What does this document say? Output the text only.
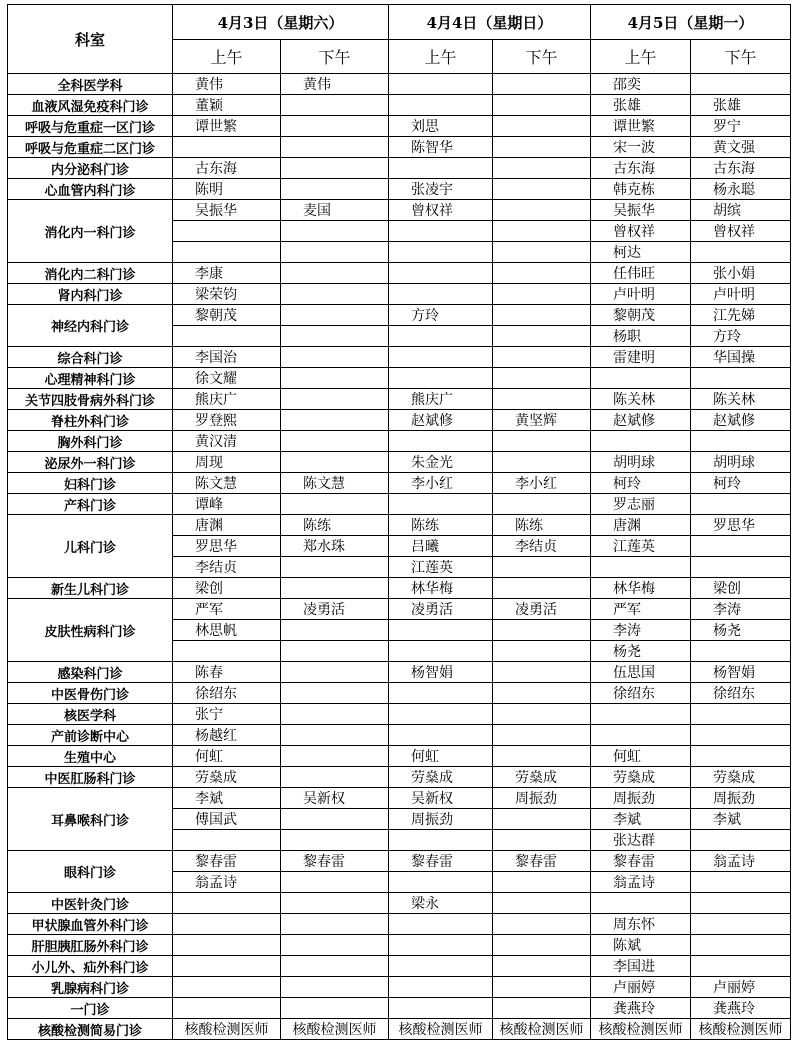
科室	4月3日（星期六）		4月4日（星期日）		4月5日（星期一）	
	上午	下午	上午	下午	上午	下午
全科医学科	黄伟	黄伟			邵奕	
血液风湿免疫科门诊	董颖				张雄	张雄
呼吸与危重症一区门诊	谭世繁		刘思		谭世繁	罗宁
呼吸与危重症二区门诊			陈智华		宋一波	黄文强
内分泌科门诊	古东海				古东海	古东海
心血管内科门诊	陈明		张凌宇		韩克栋	杨永聪
消化内一科门诊	吴振华	麦国	曾权祥		吴振华	胡缤
					曾权祥	曾权祥
					柯达	
消化内二科门诊	李康				任伟旺	张小娟
肾内科门诊	梁荣钧				卢叶明	卢叶明
神经内科门诊	黎朝茂		方玲		黎朝茂	江先娣
					杨职	方玲
综合科门诊	李国治				雷建明	华国操
心理精神科门诊	徐文耀					
关节四肢骨病外科门诊	熊庆广		熊庆广		陈关林	陈关林
脊柱外科门诊	罗登熙		赵斌修	黄坚辉	赵斌修	赵斌修
胸外科门诊	黄汉清					
泌尿外一科门诊	周现		朱金光		胡明球	胡明球
妇科门诊	陈文慧	陈文慧	李小红	李小红	柯玲	柯玲
产科门诊	谭峰				罗志丽	
儿科门诊	唐渊	陈练	陈练	陈练	唐渊	罗思华
	罗思华	郑水珠	吕曦	李结贞	江莲英	
	李结贞		江莲英			
新生儿科门诊	梁创		林华梅		林华梅	梁创
皮肤性病科门诊	严军	凌勇活	凌勇活	凌勇活	严军	李涛
	林思帆				李涛	杨尧
					杨尧	
感染科门诊	陈春		杨智娟		伍思国	杨智娟
中医骨伤门诊	徐绍东				徐绍东	徐绍东
核医学科	张宁					
产前诊断中心	杨越红					
生殖中心	何虹		何虹		何虹	
中医肛肠科门诊	劳燊成		劳燊成	劳燊成	劳燊成	劳燊成
耳鼻喉科门诊	李斌	吴新权	吴新权	周振劲	周振劲	周振劲
	傅国武		周振劲		李斌	李斌
					张达群	
眼科门诊	黎春雷	黎春雷	黎春雷	黎春雷	黎春雷	翁孟诗
	翁孟诗				翁孟诗	
中医针灸门诊			梁永			
甲状腺血管外科门诊					周东怀	
肝胆胰肛肠外科门诊					陈斌	
小儿外、疝外科门诊					李国进	
乳腺病科门诊					卢丽婷	卢丽婷
一门诊					龚燕玲	龚燕玲
核酸检测简易门诊	核酸检测医师	核酸检测医师	核酸检测医师	核酸检测医师	核酸检测医师	核酸检测医师
